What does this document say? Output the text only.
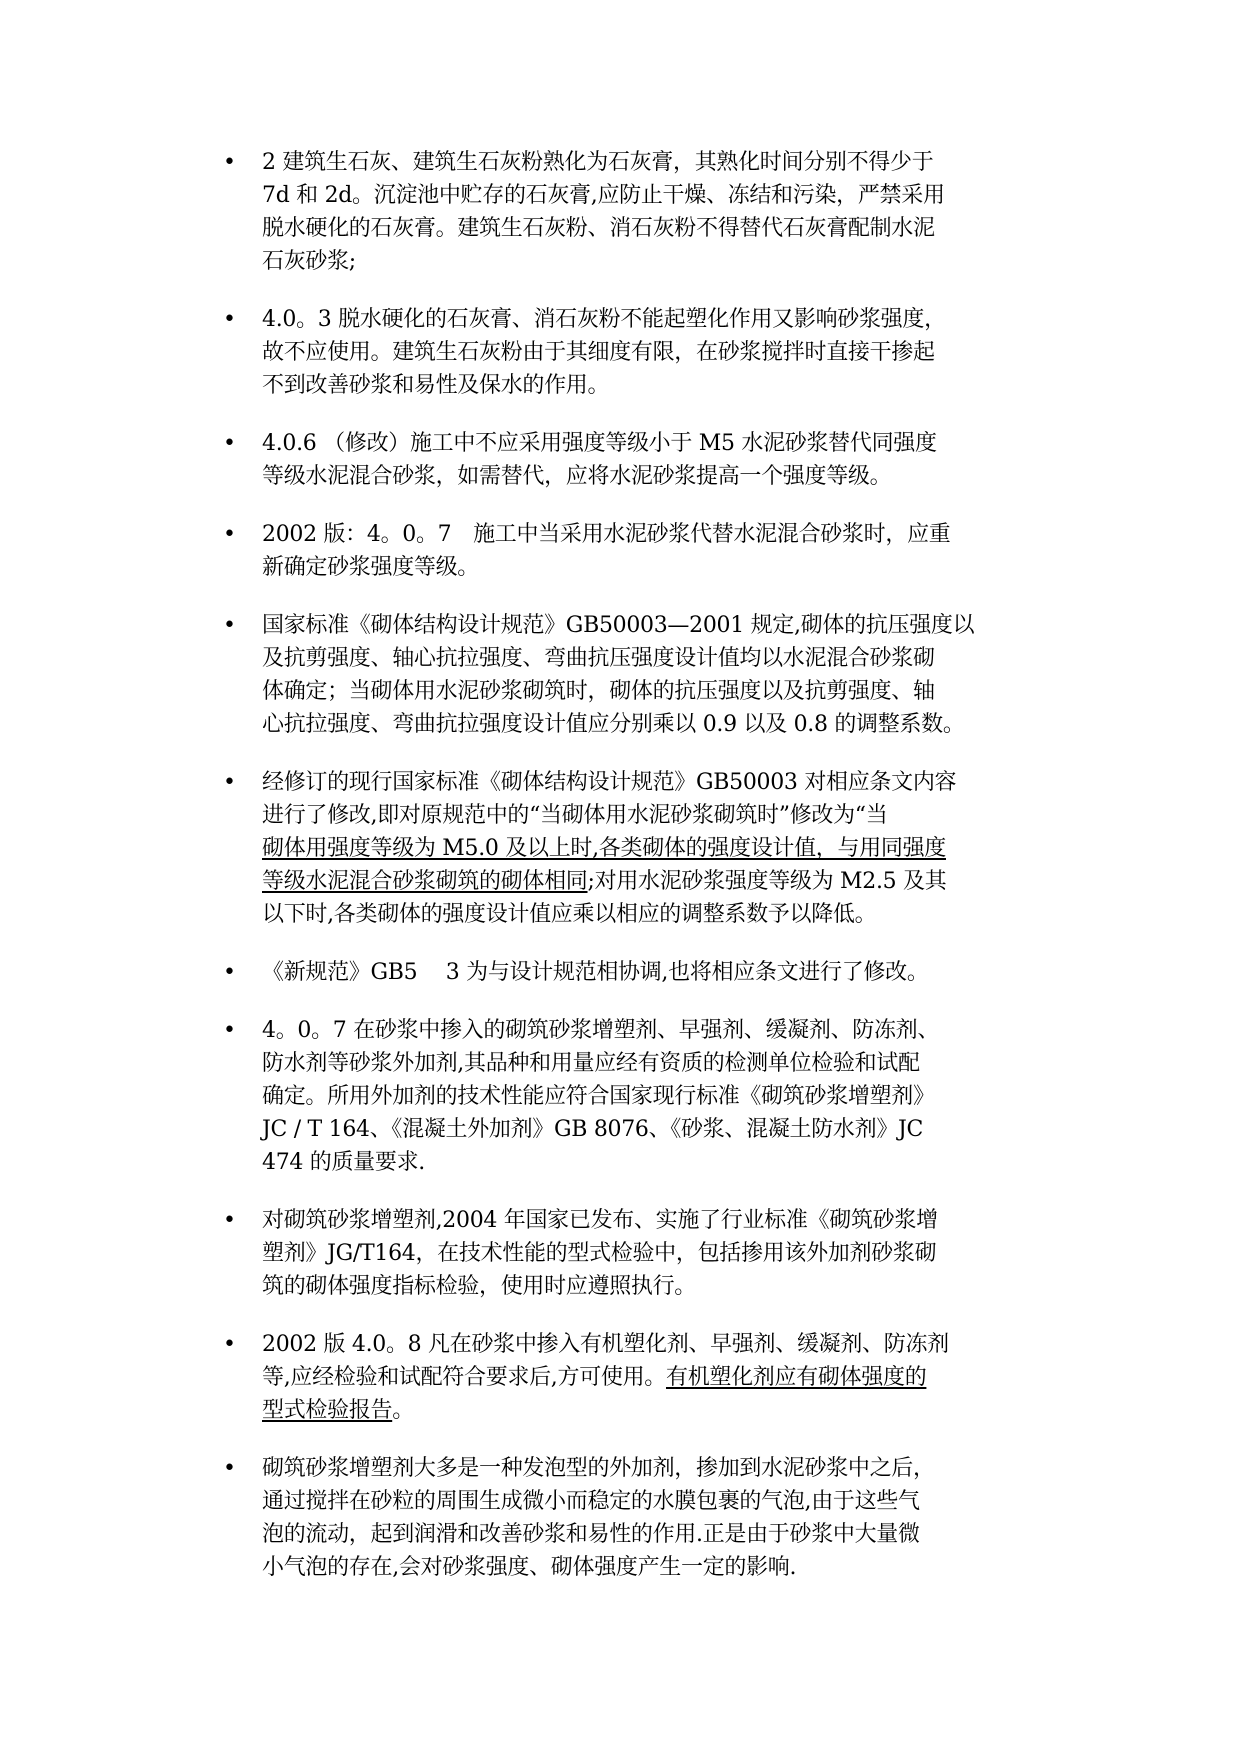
• 2 建筑生石灰、建筑生石灰粉熟化为石灰膏，其熟化时间分别不得少于
7d 和 2d。沉淀池中贮存的石灰膏,应防止干燥、冻结和污染，严禁采用
脱水硬化的石灰膏。建筑生石灰粉、消石灰粉不得替代石灰膏配制水泥
石灰砂浆;
• 4.0。3 脱水硬化的石灰膏、消石灰粉不能起塑化作用又影响砂浆强度，
故不应使用。建筑生石灰粉由于其细度有限，在砂浆搅拌时直接干掺起
不到改善砂浆和易性及保水的作用。
• 4.0.6 （修改）施工中不应采用强度等级小于 M5 水泥砂浆替代同强度
等级水泥混合砂浆，如需替代，应将水泥砂浆提高一个强度等级。
• 2002 版：4。0。7　施工中当采用水泥砂浆代替水泥混合砂浆时，应重
新确定砂浆强度等级。
• 国家标准《砌体结构设计规范》GB50003—2001 规定,砌体的抗压强度以
及抗剪强度、轴心抗拉强度、弯曲抗压强度设计值均以水泥混合砂浆砌
体确定；当砌体用水泥砂浆砌筑时，砌体的抗压强度以及抗剪强度、轴
心抗拉强度、弯曲抗拉强度设计值应分别乘以 0.9 以及 0.8 的调整系数。
• 经修订的现行国家标准《砌体结构设计规范》GB50003 对相应条文内容
进行了修改,即对原规范中的“当砌体用水泥砂浆砌筑时”修改为“当
砌体用强度等级为 M5.0 及以上时,各类砌体的强度设计值，与用同强度
等级水泥混合砂浆砌筑的砌体相同;对用水泥砂浆强度等级为 M2.5 及其
以下时,各类砌体的强度设计值应乘以相应的调整系数予以降低。
• 《新规范》GB5　 3 为与设计规范相协调,也将相应条文进行了修改。
• 4。0。7 在砂浆中掺入的砌筑砂浆增塑剂、早强剂、缓凝剂、防冻剂、
防水剂等砂浆外加剂,其品种和用量应经有资质的检测单位检验和试配
确定。所用外加剂的技术性能应符合国家现行标准《砌筑砂浆增塑剂》
JC / T 164、《混凝土外加剂》GB 8076、《砂浆、混凝土防水剂》JC
474 的质量要求.
• 对砌筑砂浆增塑剂,2004 年国家已发布、实施了行业标准《砌筑砂浆增
塑剂》JG/T164，在技术性能的型式检验中，包括掺用该外加剂砂浆砌
筑的砌体强度指标检验，使用时应遵照执行。
• 2002 版 4.0。8 凡在砂浆中掺入有机塑化剂、早强剂、缓凝剂、防冻剂
等,应经检验和试配符合要求后,方可使用。有机塑化剂应有砌体强度的
型式检验报告。
• 砌筑砂浆增塑剂大多是一种发泡型的外加剂，掺加到水泥砂浆中之后，
通过搅拌在砂粒的周围生成微小而稳定的水膜包裹的气泡,由于这些气
泡的流动，起到润滑和改善砂浆和易性的作用.正是由于砂浆中大量微
小气泡的存在,会对砂浆强度、砌体强度产生一定的影响.
